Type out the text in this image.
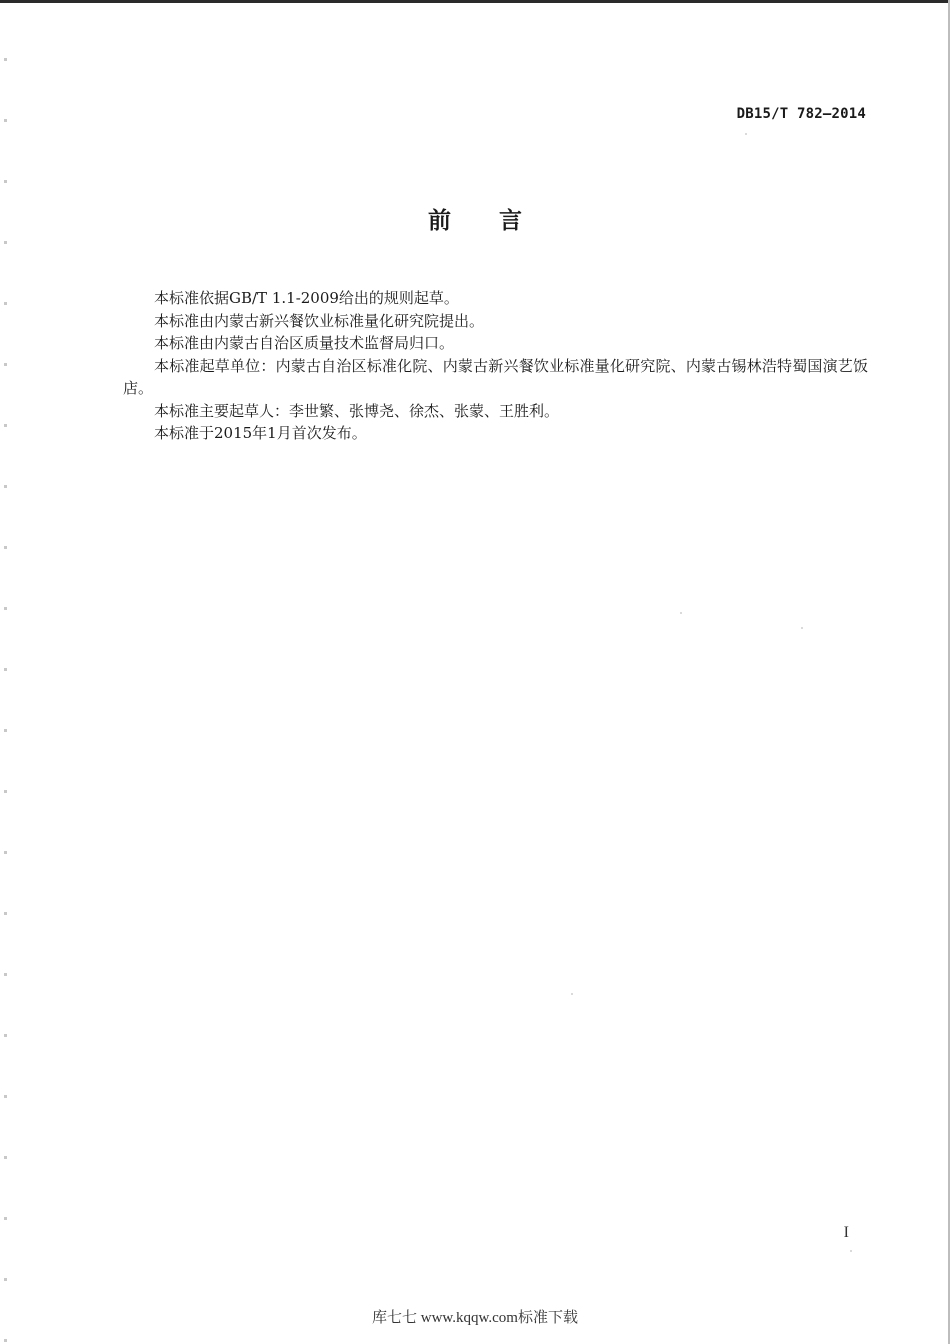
DB15/T 782—2014
前言

本标准依据GB/T 1.1-2009给出的规则起草。

本标准由内蒙古新兴餐饮业标准量化研究院提出。

本标准由内蒙古自治区质量技术监督局归口。

本标准起草单位：内蒙古自治区标准化院、内蒙古新兴餐饮业标准量化研究院、内蒙古锡林浩特蜀国演艺饭店。

本标准主要起草人：李世繁、张博尧、徐杰、张蒙、王胜利。

本标准于2015年1月首次发布。

I
库七七 www.kqqw.com标准下载
